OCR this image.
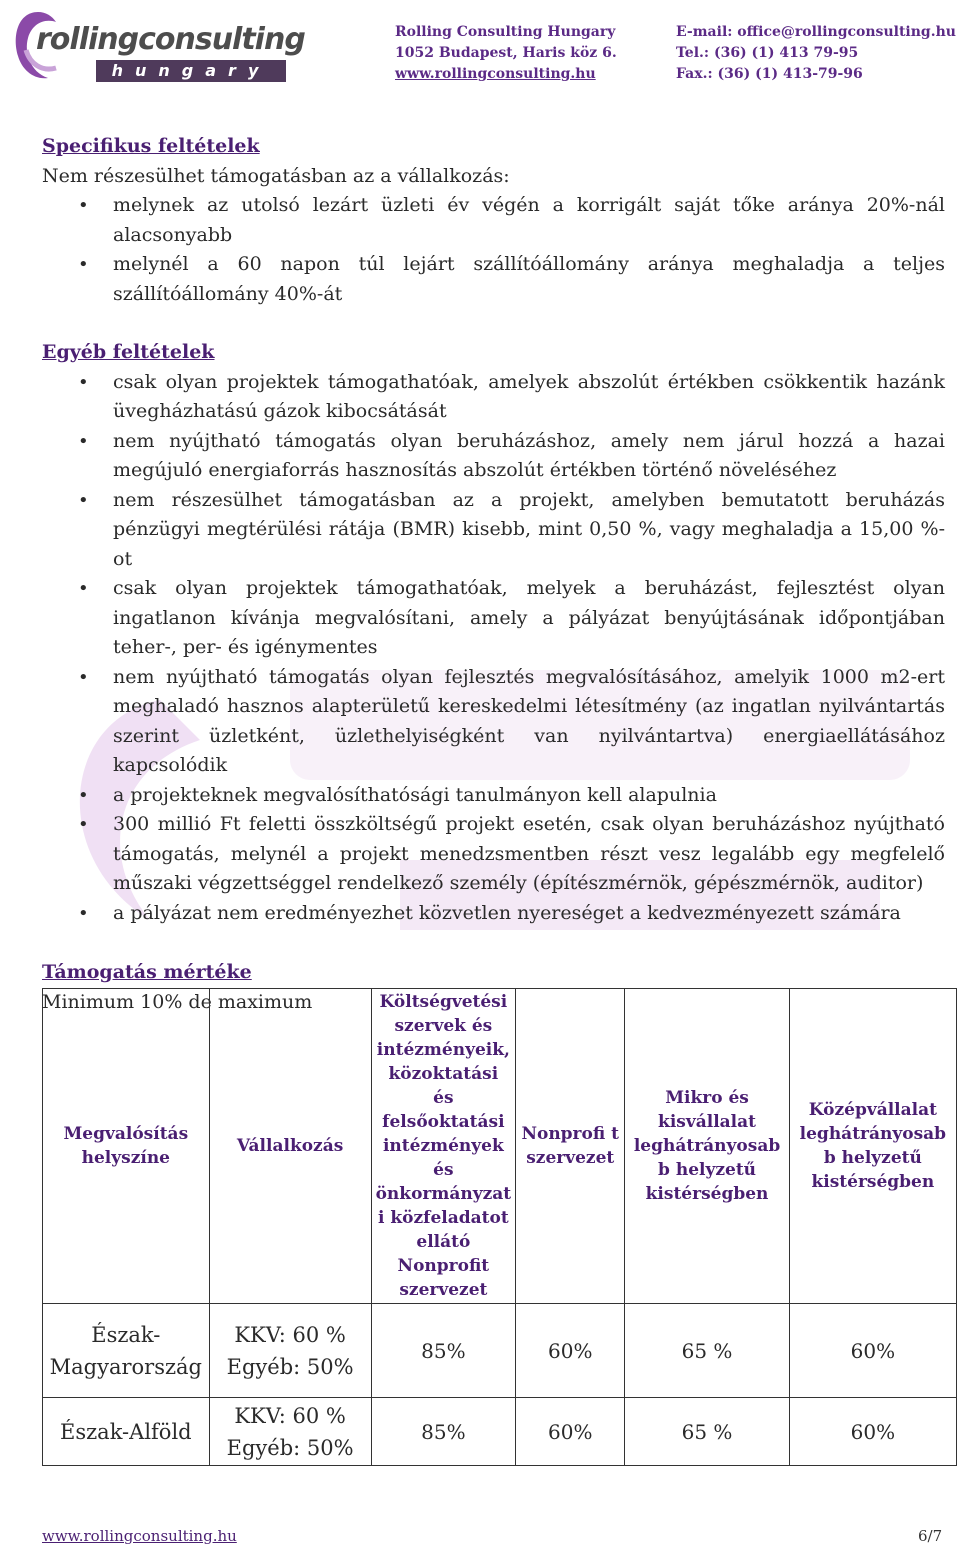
rollingconsulting
hungary
Rolling Consulting Hungary
1052 Budapest, Haris köz 6.
www.rollingconsulting.hu
E-mail: office@rollingconsulting.hu
Tel.: (36) (1) 413 79-95
Fax.: (36) (1) 413-79-96
Specifikus feltételek

Nem részesülhet támogatásban az a vállalkozás:

• melynek az utolsó lezárt üzleti év végén a korrigált saját tőke aránya 20%-nál alacsonyabb
• melynél a 60 napon túl lejárt szállítóállomány aránya meghaladja a teljes szállítóállomány 40%-át
Egyéb feltételek
• csak olyan projektek támogathatóak, amelyek abszolút értékben csökkentik hazánk üvegházhatású gázok kibocsátását
• nem nyújtható támogatás olyan beruházáshoz, amely nem járul hozzá a hazai megújuló energiaforrás hasznosítás abszolút értékben történő növeléséhez
• nem részesülhet támogatásban az a projekt, amelyben bemutatott beruházás pénzügyi megtérülési rátája (BMR) kisebb, mint 0,50 %, vagy meghaladja a 15,00 %-ot
• csak olyan projektek támogathatóak, melyek a beruházást, fejlesztést olyan ingatlanon kívánja megvalósítani, amely a pályázat benyújtásának időpontjában teher-, per- és igénymentes
• nem nyújtható támogatás olyan fejlesztés megvalósításához, amelyik 1000 m2-ert meghaladó hasznos alapterületű kereskedelmi létesítmény (az ingatlan nyilvántartás szerint üzletként, üzlethelyiségként van nyilvántartva) energiaellátásához kapcsolódik
• a projekteknek megvalósíthatósági tanulmányon kell alapulnia
• 300 millió Ft feletti összköltségű projekt esetén, csak olyan beruházáshoz nyújtható támogatás, melynél a projekt menedzsmentben részt vesz legalább egy megfelelő műszaki végzettséggel rendelkező személy (építészmérnök, gépészmérnök, auditor)
• a pályázat nem eredményezhet közvetlen nyereséget a kedvezményezett számára
Támogatás mértéke

Minimum 10% de maximum

Megvalósítás helyszíne	Vállalkozás	Költségvetési szervek és intézményeik, közoktatási és felsőoktatási intézmények és önkormányzat i közfeladatot ellátó Nonprofit szervezet	Nonprofi t szervezet	Mikro és kisvállalat leghátrányosab b helyzetű kistérségben	Középvállalat leghátrányosab b helyzetű kistérségben
Észak-Magyarország	KKV: 60 % Egyéb: 50%	85%	60%	65 %	60%
Észak-Alföld	KKV: 60 % Egyéb: 50%	85%	60%	65 %	60%
www.rollingconsulting.hu	6/7
